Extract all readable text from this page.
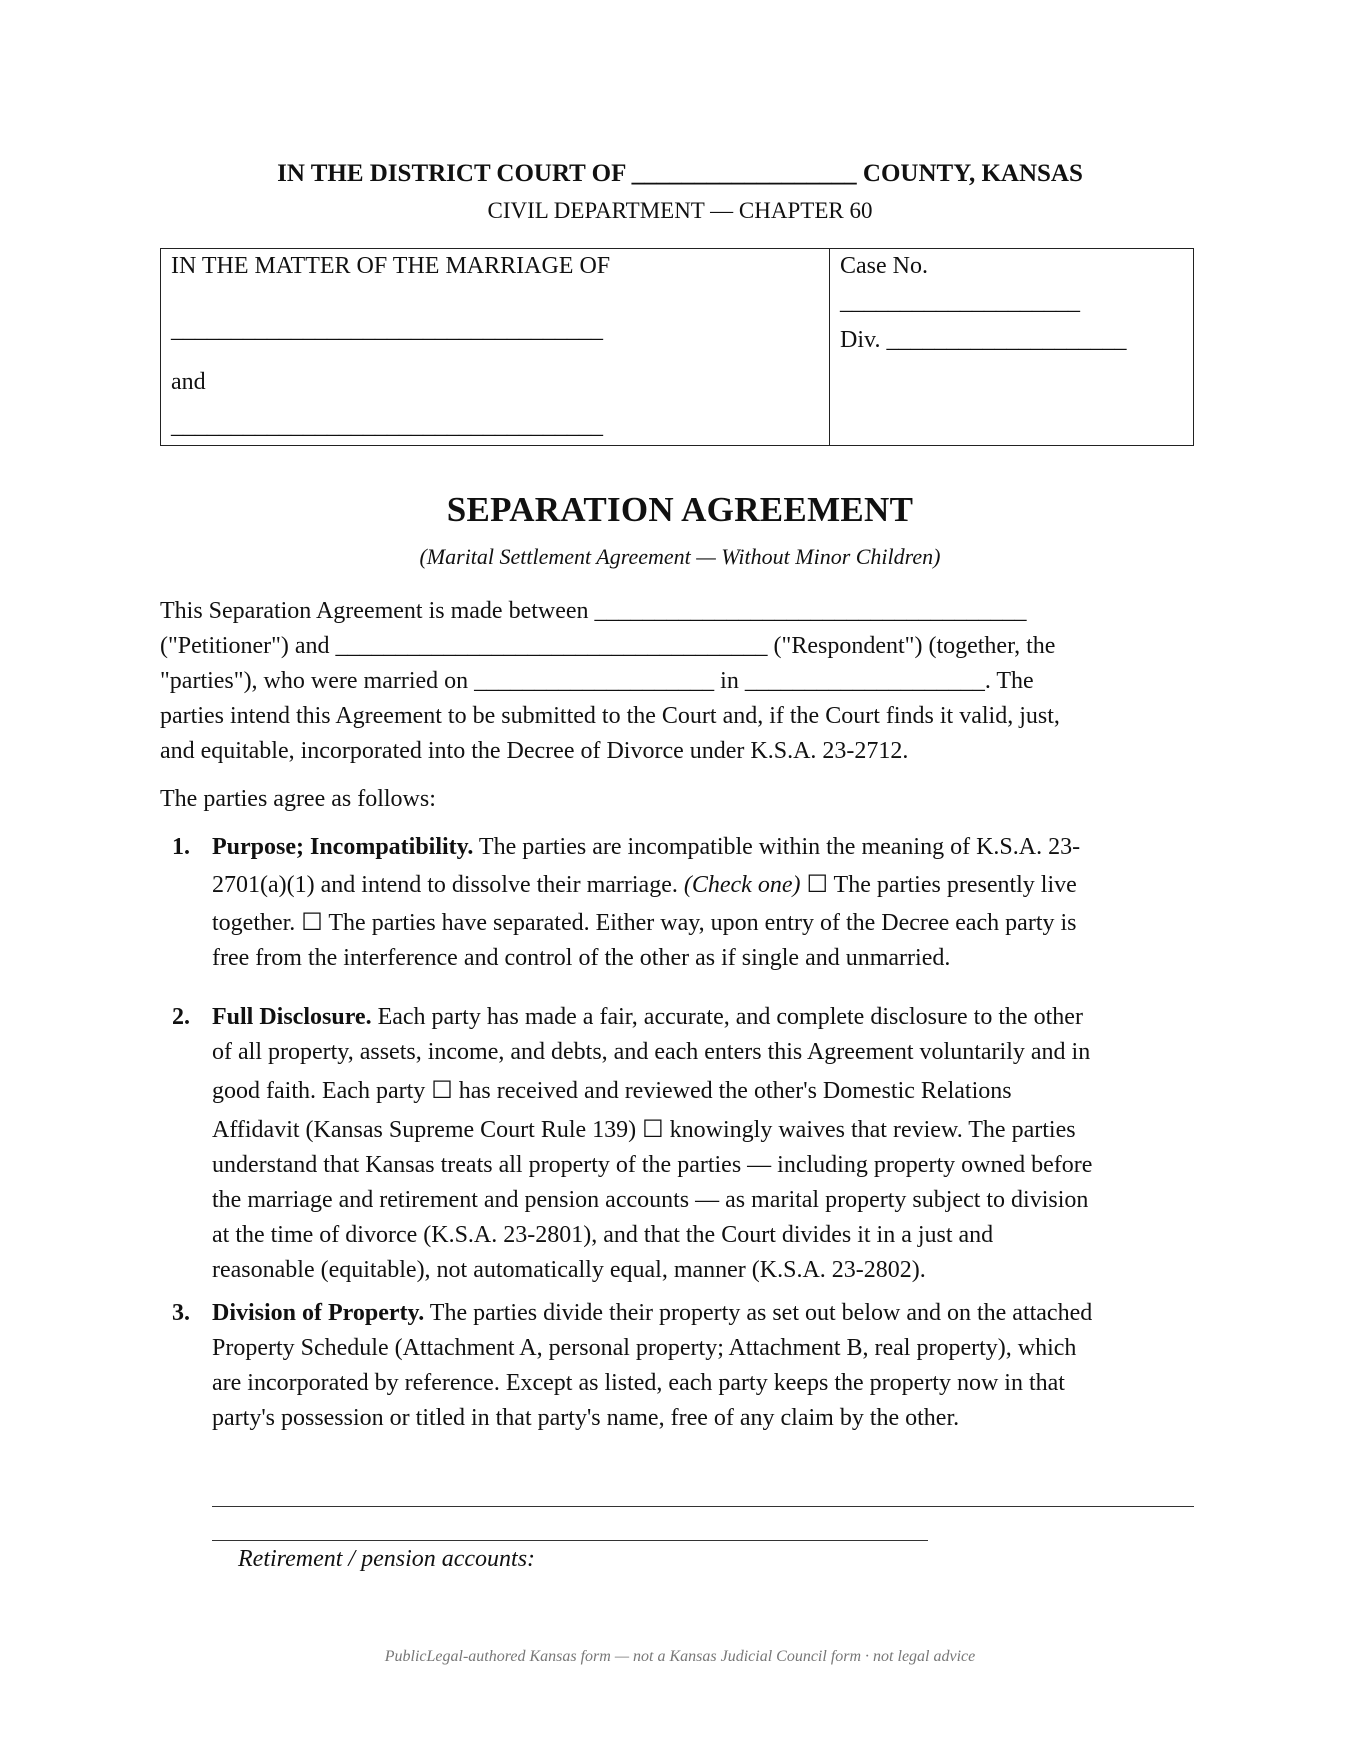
IN THE DISTRICT COURT OF __________________ COUNTY, KANSAS
CIVIL DEPARTMENT — CHAPTER 60
IN THE MATTER OF THE MARRIAGE OF
____________________________________
and
____________________________________
Case No.
____________________
Div. ____________________
SEPARATION AGREEMENT
(Marital Settlement Agreement — Without Minor Children)
This Separation Agreement is made between ____________________________________
("Petitioner") and ____________________________________ ("Respondent") (together, the
"parties"), who were married on ____________________ in ____________________. The
parties intend this Agreement to be submitted to the Court and, if the Court finds it valid, just,
and equitable, incorporated into the Decree of Divorce under K.S.A. 23-2712.
The parties agree as follows:
1. Purpose; Incompatibility. The parties are incompatible within the meaning of K.S.A. 23-
2701(a)(1) and intend to dissolve their marriage. (Check one) ☐ The parties presently live
together. ☐ The parties have separated. Either way, upon entry of the Decree each party is
free from the interference and control of the other as if single and unmarried.
2. Full Disclosure. Each party has made a fair, accurate, and complete disclosure to the other
of all property, assets, income, and debts, and each enters this Agreement voluntarily and in
good faith. Each party ☐ has received and reviewed the other's Domestic Relations
Affidavit (Kansas Supreme Court Rule 139) ☐ knowingly waives that review. The parties
understand that Kansas treats all property of the parties — including property owned before
the marriage and retirement and pension accounts — as marital property subject to division
at the time of divorce (K.S.A. 23-2801), and that the Court divides it in a just and
reasonable (equitable), not automatically equal, manner (K.S.A. 23-2802).
3. Division of Property. The parties divide their property as set out below and on the attached
Property Schedule (Attachment A, personal property; Attachment B, real property), which
are incorporated by reference. Except as listed, each party keeps the property now in that
party's possession or titled in that party's name, free of any claim by the other.
Retirement / pension accounts:
PublicLegal-authored Kansas form — not a Kansas Judicial Council form · not legal advice
